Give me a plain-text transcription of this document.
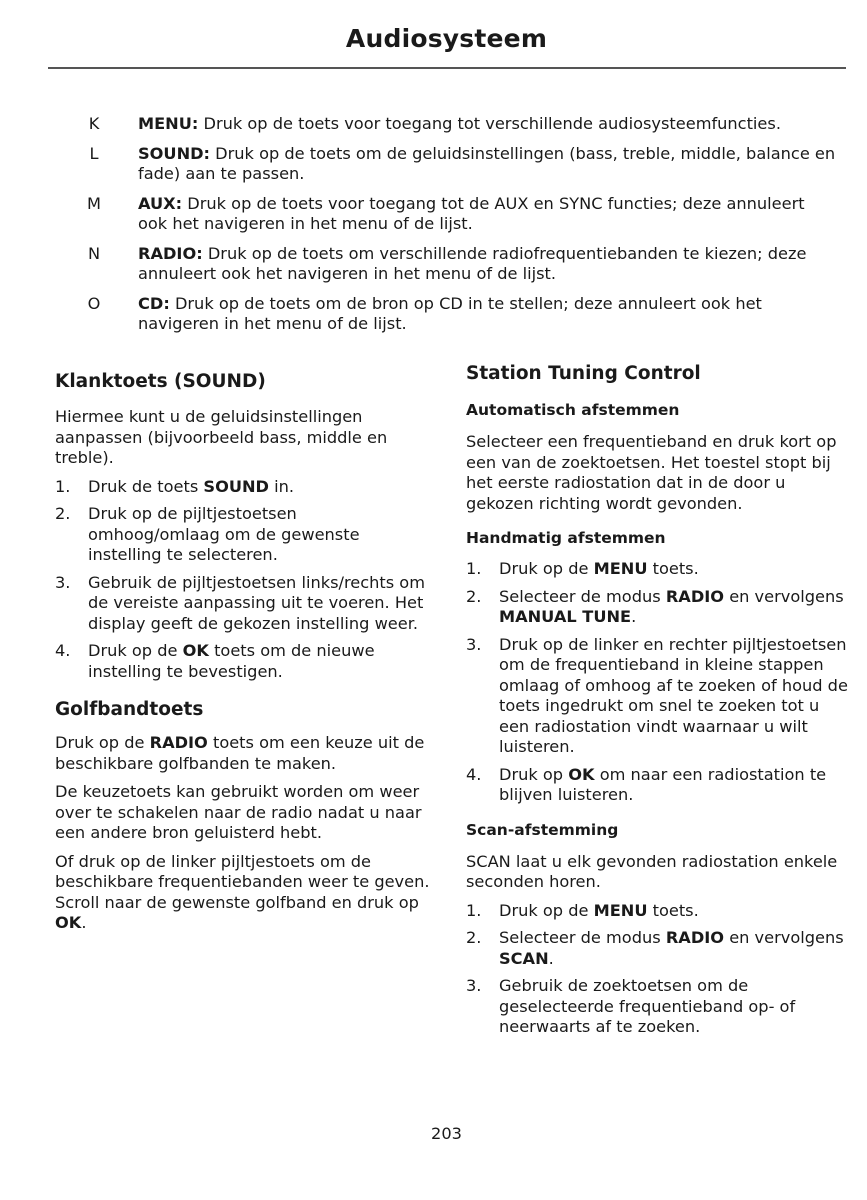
Audiosysteem
K MENU: Druk op de toets voor toegang tot verschillende audiosysteemfuncties.
L SOUND: Druk op de toets om de geluidsinstellingen (bass, treble, middle, balance en fade) aan te passen.
M AUX: Druk op de toets voor toegang tot de AUX en SYNC functies; deze annuleert ook het navigeren in het menu of de lijst.
N RADIO: Druk op de toets om verschillende radiofrequentiebanden te kiezen; deze annuleert ook het navigeren in het menu of de lijst.
O CD: Druk op de toets om de bron op CD in te stellen; deze annuleert ook het navigeren in het menu of de lijst.
Klanktoets (SOUND)

Hiermee kunt u de geluidsinstellingen aanpassen (bijvoorbeeld bass, middle en treble).

1. Druk de toets SOUND in.
2. Druk op de pijltjestoetsen omhoog/omlaag om de gewenste instelling te selecteren.
3. Gebruik de pijltjestoetsen links/rechts om de vereiste aanpassing uit te voeren. Het display geeft de gekozen instelling weer.
4. Druk op de OK toets om de nieuwe instelling te bevestigen.
Golfbandtoets

Druk op de RADIO toets om een keuze uit de beschikbare golfbanden te maken.

De keuzetoets kan gebruikt worden om weer over te schakelen naar de radio nadat u naar een andere bron geluisterd hebt.

Of druk op de linker pijltjestoets om de beschikbare frequentiebanden weer te geven. Scroll naar de gewenste golfband en druk op OK.

Station Tuning Control
Automatisch afstemmen

Selecteer een frequentieband en druk kort op een van de zoektoetsen. Het toestel stopt bij het eerste radiostation dat in de door u gekozen richting wordt gevonden.

Handmatig afstemmen
1. Druk op de MENU toets.
2. Selecteer de modus RADIO en vervolgens MANUAL TUNE.
3. Druk op de linker en rechter pijltjestoetsen om de frequentieband in kleine stappen omlaag of omhoog af te zoeken of houd de toets ingedrukt om snel te zoeken tot u een radiostation vindt waarnaar u wilt luisteren.
4. Druk op OK om naar een radiostation te blijven luisteren.
Scan-afstemming

SCAN laat u elk gevonden radiostation enkele seconden horen.

1. Druk op de MENU toets.
2. Selecteer de modus RADIO en vervolgens SCAN.
3. Gebruik de zoektoetsen om de geselecteerde frequentieband op- of neerwaarts af te zoeken.
203
